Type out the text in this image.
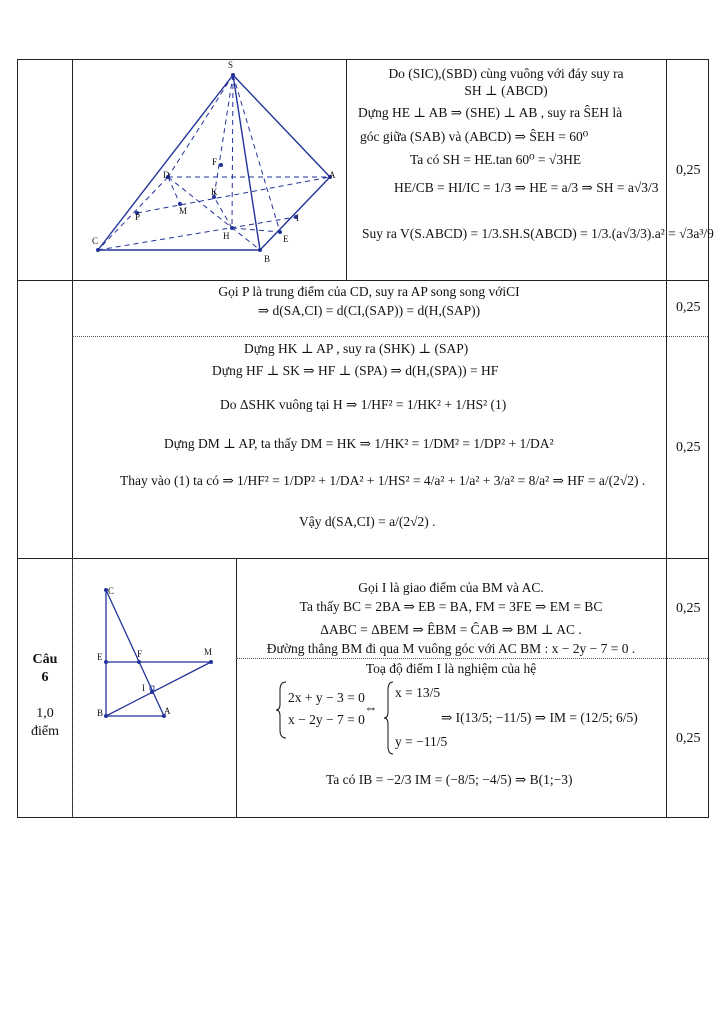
S
D	A
B
C
F
K
I
H	E
P
M
Do (SIC),(SBD) cùng vuông với đáy suy ra
SH ⊥ (ABCD)
Dựng HE ⊥ AB ⇒ (SHE) ⊥ AB , suy ra ŜEH là
góc giữa (SAB) và (ABCD) ⇒ ŜEH = 60⁰
Ta có SH = HE.tan 60⁰ = √3HE
HE/CB = HI/IC = 1/3 ⇒ HE = a/3 ⇒ SH = a√3/3
Suy ra V(S.ABCD) = 1/3.SH.S(ABCD) = 1/3.(a√3/3).a² = √3a³/9
0,25
Gọi P là trung điểm của CD, suy ra AP song song vớiCI
⇒ d(SA,CI) = d(CI,(SAP)) = d(H,(SAP))	0,25
Dựng HK ⊥ AP , suy ra (SHK) ⊥ (SAP)
Dựng HF ⊥ SK ⇒ HF ⊥ (SPA) ⇒ d(H,(SPA)) = HF
Do ΔSHK vuông tại H ⇒ 1/HF² = 1/HK² + 1/HS² (1)
Dựng DM ⊥ AP, ta thấy DM = HK ⇒ 1/HK² = 1/DM² = 1/DP² + 1/DA²
Thay vào (1) ta có ⇒ 1/HF² = 1/DP² + 1/DA² + 1/HS² = 4/a² + 1/a² + 3/a² = 8/a² ⇒ HF = a/(2√2) .
Vậy d(SA,CI) = a/(2√2) .
0,25
Câu
6
1,0
điểm
C
E	F	M
I
B	A
Gọi I là giao điểm của BM và AC.
Ta thấy BC = 2BA ⇒ EB = BA, FM = 3FE ⇒ EM = BC
ΔABC = ΔBEM ⇒ ÊBM = ĈAB ⇒ BM ⊥ AC .
Đường thẳng BM đi qua M vuông góc với AC BM : x − 2y − 7 = 0 .
0,25
Toạ độ điểm I là nghiệm của hệ
2x + y − 3 = 0
x − 2y − 7 = 0
⇔
x = 13/5
y = −11/5
⇒ I(13/5; −11/5) ⇒ IM = (12/5; 6/5)
Ta có IB = −2/3 IM = (−8/5; −4/5) ⇒ B(1;−3)
0,25
